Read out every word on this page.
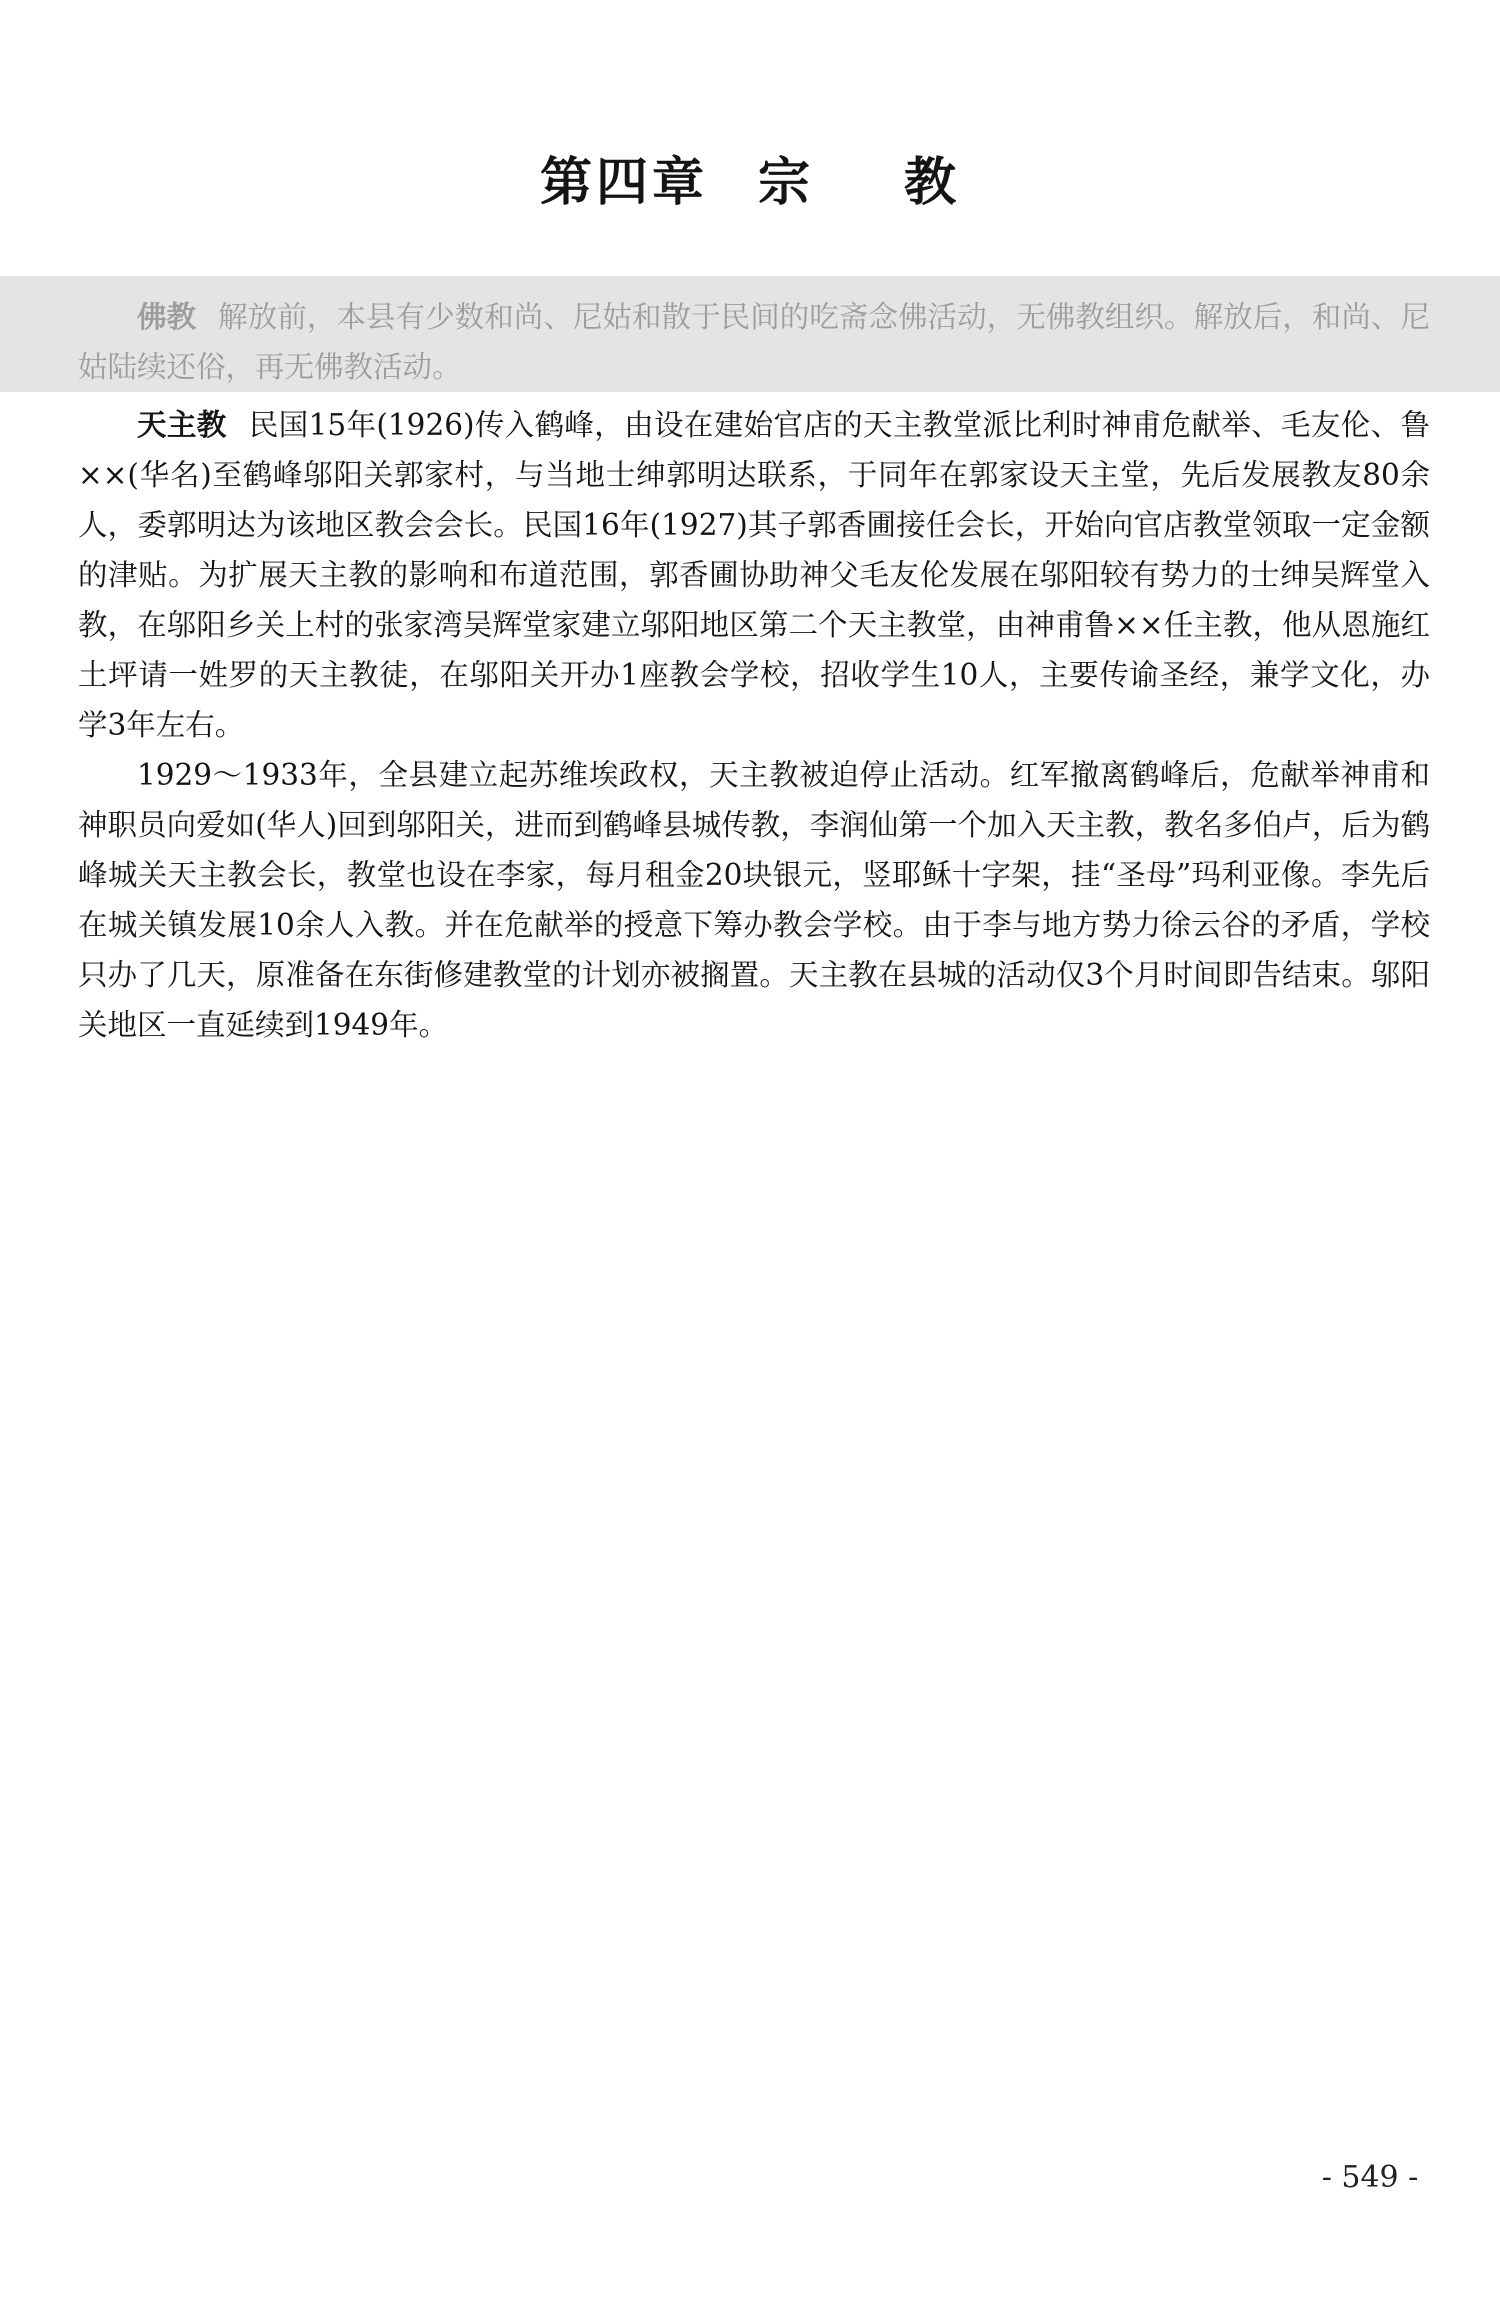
第四章 宗 教

佛教 解放前，本县有少数和尚、尼姑和散于民间的吃斋念佛活动，无佛教组织。解放后，和尚、尼姑陆续还俗，再无佛教活动。

天主教 民国15年(1926)传入鹤峰，由设在建始官店的天主教堂派比利时神甫危献举、毛友伦、鲁××(华名)至鹤峰邬阳关郭家村，与当地士绅郭明达联系，于同年在郭家设天主堂，先后发展教友80余人，委郭明达为该地区教会会长。民国16年(1927)其子郭香圃接任会长，开始向官店教堂领取一定金额的津贴。为扩展天主教的影响和布道范围，郭香圃协助神父毛友伦发展在邬阳较有势力的士绅吴辉堂入教，在邬阳乡关上村的张家湾吴辉堂家建立邬阳地区第二个天主教堂，由神甫鲁××任主教，他从恩施红土坪请一姓罗的天主教徒，在邬阳关开办1座教会学校，招收学生10人，主要传谕圣经，兼学文化，办学3年左右。

1929～1933年，全县建立起苏维埃政权，天主教被迫停止活动。红军撤离鹤峰后，危献举神甫和神职员向爱如(华人)回到邬阳关，进而到鹤峰县城传教，李润仙第一个加入天主教，教名多伯卢，后为鹤峰城关天主教会长，教堂也设在李家，每月租金20块银元，竖耶稣十字架，挂“圣母”玛利亚像。李先后在城关镇发展10余人入教。并在危献举的授意下筹办教会学校。由于李与地方势力徐云谷的矛盾，学校只办了几天，原准备在东街修建教堂的计划亦被搁置。天主教在县城的活动仅3个月时间即告结束。邬阳关地区一直延续到1949年。

- 549 -
